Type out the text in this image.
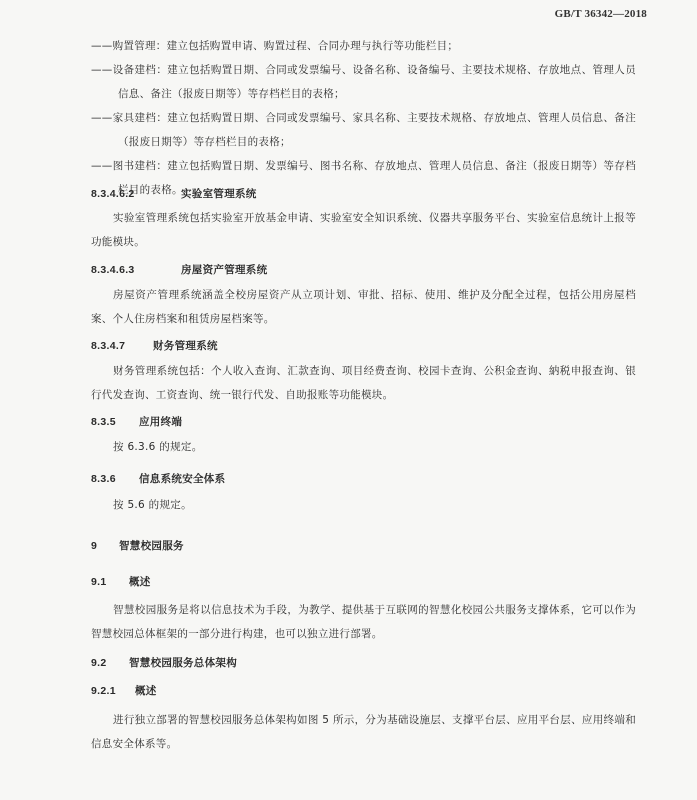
GB/T 36342—2018

——购置管理：建立包括购置申请、购置过程、合同办理与执行等功能栏目；

——设备建档：建立包括购置日期、合同或发票编号、设备名称、设备编号、主要技术规格、存放地点、管理人员信息、备注（报废日期等）等存档栏目的表格；

——家具建档：建立包括购置日期、合同或发票编号、家具名称、主要技术规格、存放地点、管理人员信息、备注（报废日期等）等存档栏目的表格；

——图书建档：建立包括购置日期、发票编号、图书名称、存放地点、管理人员信息、备注（报废日期等）等存档栏目的表格。

8.3.4.6.2	实验室管理系统

实验室管理系统包括实验室开放基金申请、实验室安全知识系统、仪器共享服务平台、实验室信息统计上报等功能模块。

8.3.4.6.3	房屋资产管理系统

房屋资产管理系统涵盖全校房屋资产从立项计划、审批、招标、使用、维护及分配全过程，包括公用房屋档案、个人住房档案和租赁房屋档案等。

8.3.4.7	财务管理系统

财务管理系统包括：个人收入查询、汇款查询、项目经费查询、校园卡查询、公积金查询、納税申报查询、银行代发查询、工资查询、统一银行代发、自助报账等功能模块。

8.3.5 应用终端

按 6.3.6 的规定。

8.3.6 信息系统安全体系

按 5.6 的规定。

9 智慧校园服务
9.1 概述

智慧校园服务是将以信息技术为手段，为教学、提供基于互联网的智慧化校园公共服务支撑体系，它可以作为智慧校园总体框架的一部分进行构建，也可以独立进行部署。

9.2 智慧校园服务总体架构
9.2.1 概述

进行独立部署的智慧校园服务总体架构如图 5 所示，分为基础设施层、支撑平台层、应用平台层、应用终端和信息安全体系等。
